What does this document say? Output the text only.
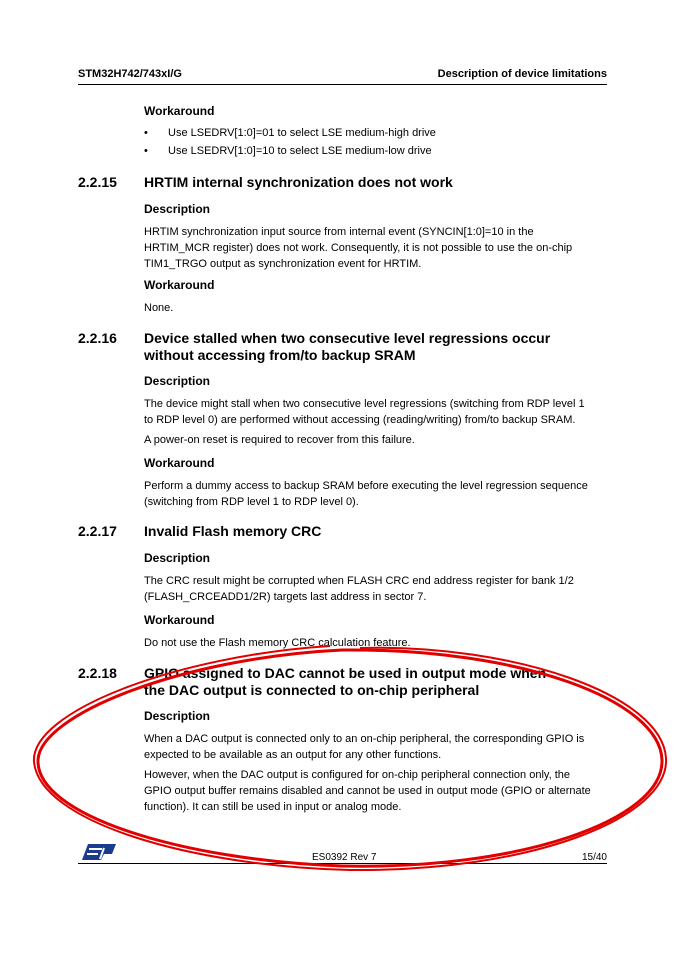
STM32H742/743xI/G	Description of device limitations
Workaround
• Use LSEDRV[1:0]=01 to select LSE medium-high drive
• Use LSEDRV[1:0]=10 to select LSE medium-low drive
2.2.15 HRTIM internal synchronization does not work
Description
HRTIM synchronization input source from internal event (SYNCIN[1:0]=10 in the
HRTIM_MCR register) does not work. Consequently, it is not possible to use the on-chip
TIM1_TRGO output as synchronization event for HRTIM.
Workaround
None.
2.2.16 Device stalled when two consecutive level regressions occur
without accessing from/to backup SRAM
Description
The device might stall when two consecutive level regressions (switching from RDP level 1
to RDP level 0) are performed without accessing (reading/writing) from/to backup SRAM.
A power-on reset is required to recover from this failure.
Workaround
Perform a dummy access to backup SRAM before executing the level regression sequence
(switching from RDP level 1 to RDP level 0).
2.2.17 Invalid Flash memory CRC
Description
The CRC result might be corrupted when FLASH CRC end address register for bank 1/2
(FLASH_CRCEADD1/2R) targets last address in sector 7.
Workaround
Do not use the Flash memory CRC calculation feature.
2.2.18 GPIO assigned to DAC cannot be used in output mode when
the DAC output is connected to on-chip peripheral
Description
When a DAC output is connected only to an on-chip peripheral, the corresponding GPIO is
expected to be available as an output for any other functions.
However, when the DAC output is configured for on-chip peripheral connection only, the
GPIO output buffer remains disabled and cannot be used in output mode (GPIO or alternate
function). It can still be used in input or analog mode.
ES0392 Rev 7	15/40
